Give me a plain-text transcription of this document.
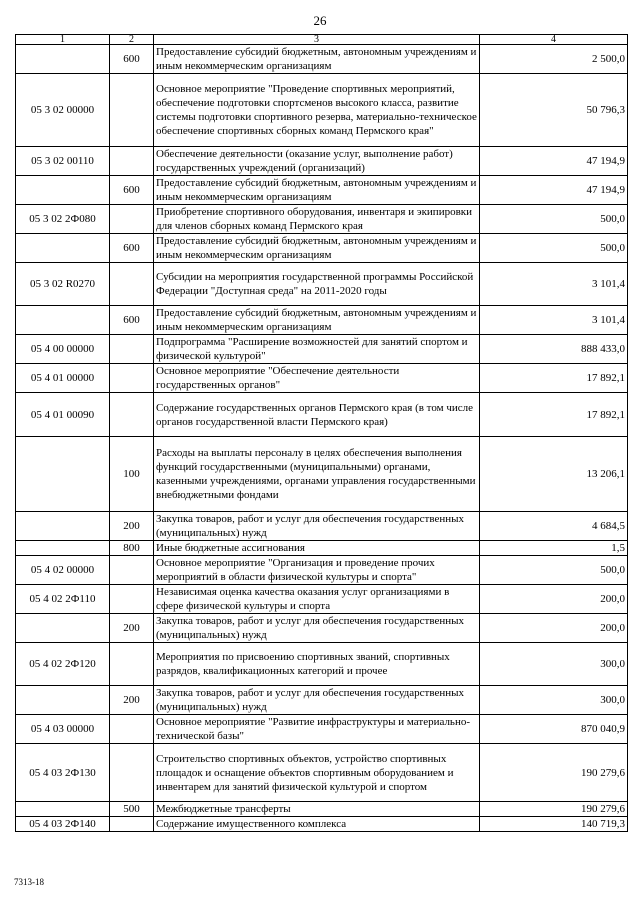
26
1	2	3	4
	600	Предоставление субсидий бюджетным, автономным учреждениям и иным некоммерческим организациям	2 500,0
05 3 02 00000		Основное мероприятие "Проведение спортивных мероприятий, обеспечение подготовки спортсменов высокого класса, развитие системы подготовки спортивного резерва, материально-техническое обеспечение спортивных сборных команд Пермского края"	50 796,3
05 3 02 00110		Обеспечение деятельности (оказание услуг, выполнение работ) государственных учреждений (организаций)	47 194,9
	600	Предоставление субсидий бюджетным, автономным учреждениям и иным некоммерческим организациям	47 194,9
05 3 02 2Ф080		Приобретение спортивного оборудования, инвентаря и экипировки для членов сборных команд Пермского края	500,0
	600	Предоставление субсидий бюджетным, автономным учреждениям и иным некоммерческим организациям	500,0
05 3 02 R0270		Субсидии на мероприятия государственной программы Российской Федерации "Доступная среда" на 2011-2020 годы	3 101,4
	600	Предоставление субсидий бюджетным, автономным учреждениям и иным некоммерческим организациям	3 101,4
05 4 00 00000		Подпрограмма "Расширение возможностей для занятий спортом и физической культурой"	888 433,0
05 4 01 00000		Основное мероприятие "Обеспечение деятельности государственных органов"	17 892,1
05 4 01 00090		Содержание государственных органов Пермского края (в том числе органов государственной власти Пермского края)	17 892,1
	100	Расходы на выплаты персоналу в целях обеспечения выполнения функций государственными (муниципальными) органами, казенными учреждениями, органами управления государственными внебюджетными фондами	13 206,1
	200	Закупка товаров, работ и услуг для обеспечения государственных (муниципальных) нужд	4 684,5
	800	Иные бюджетные ассигнования	1,5
05 4 02 00000		Основное мероприятие "Организация и проведение прочих мероприятий в области физической культуры и спорта"	500,0
05 4 02 2Ф110		Независимая оценка качества оказания услуг организациями в сфере физической культуры и спорта	200,0
	200	Закупка товаров, работ и услуг для обеспечения государственных (муниципальных) нужд	200,0
05 4 02 2Ф120		Мероприятия по присвоению спортивных званий, спортивных разрядов, квалификационных категорий и прочее	300,0
	200	Закупка товаров, работ и услуг для обеспечения государственных (муниципальных) нужд	300,0
05 4 03 00000		Основное мероприятие "Развитие инфраструктуры и материально-технической базы"	870 040,9
05 4 03 2Ф130		Строительство спортивных объектов, устройство спортивных площадок и оснащение объектов спортивным оборудованием и инвентарем для занятий физической культурой и спортом	190 279,6
	500	Межбюджетные трансферты	190 279,6
05 4 03 2Ф140		Содержание имущественного комплекса	140 719,3
7313-18
